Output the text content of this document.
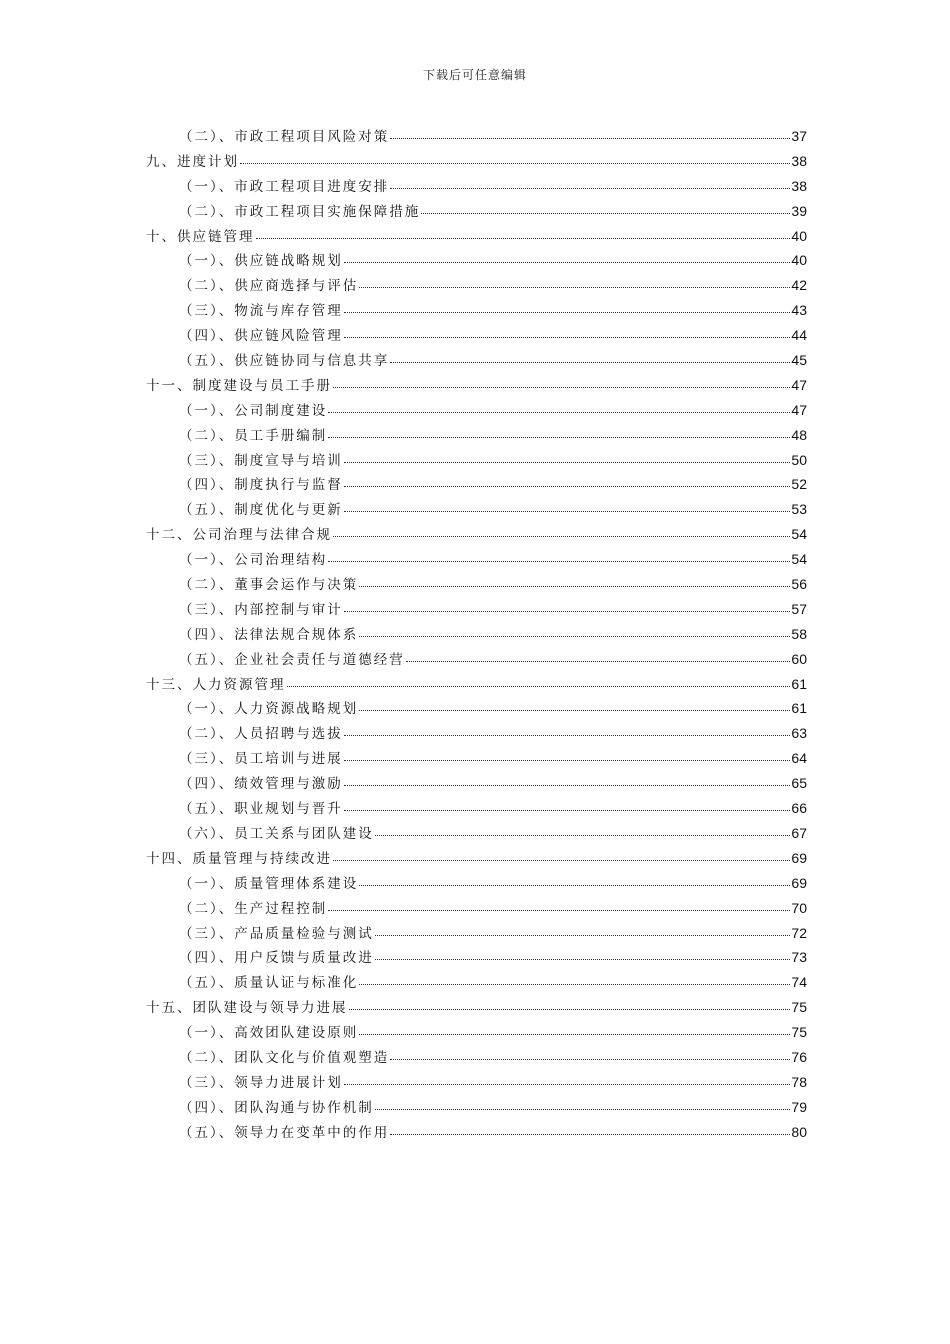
下载后可任意编辑
（二）、市政工程项目风险对策	37
九、进度计划	38
（一）、市政工程项目进度安排	38
（二）、市政工程项目实施保障措施	39
十、供应链管理	40
（一）、供应链战略规划	40
（二）、供应商选择与评估	42
（三）、物流与库存管理	43
（四）、供应链风险管理	44
（五）、供应链协同与信息共享	45
十一、制度建设与员工手册	47
（一）、公司制度建设	47
（二）、员工手册编制	48
（三）、制度宣导与培训	50
（四）、制度执行与监督	52
（五）、制度优化与更新	53
十二、公司治理与法律合规	54
（一）、公司治理结构	54
（二）、董事会运作与决策	56
（三）、内部控制与审计	57
（四）、法律法规合规体系	58
（五）、企业社会责任与道德经营	60
十三、人力资源管理	61
（一）、人力资源战略规划	61
（二）、人员招聘与选拔	63
（三）、员工培训与进展	64
（四）、绩效管理与激励	65
（五）、职业规划与晋升	66
（六）、员工关系与团队建设	67
十四、质量管理与持续改进	69
（一）、质量管理体系建设	69
（二）、生产过程控制	70
（三）、产品质量检验与测试	72
（四）、用户反馈与质量改进	73
（五）、质量认证与标准化	74
十五、团队建设与领导力进展	75
（一）、高效团队建设原则	75
（二）、团队文化与价值观塑造	76
（三）、领导力进展计划	78
（四）、团队沟通与协作机制	79
（五）、领导力在变革中的作用	80
